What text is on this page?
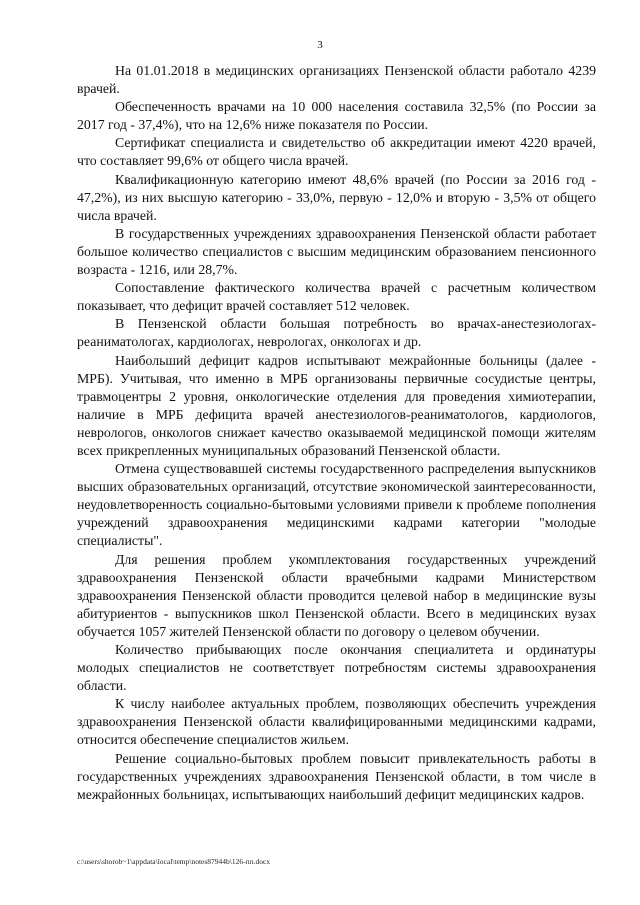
3

На 01.01.2018 в медицинских организациях Пензенской области работало 4239 врачей.

Обеспеченность врачами на 10 000 населения составила 32,5% (по России за 2017 год - 37,4%), что на 12,6% ниже показателя по России.

Сертификат специалиста и свидетельство об аккредитации имеют 4220 врачей, что составляет 99,6% от общего числа врачей.

Квалификационную категорию имеют 48,6% врачей (по России за 2016 год - 47,2%), из них высшую категорию - 33,0%, первую - 12,0% и вторую - 3,5% от общего числа врачей.

В государственных учреждениях здравоохранения Пензенской области работает большое количество специалистов с высшим медицинским образованием пенсионного возраста - 1216, или 28,7%.

Сопоставление фактического количества врачей с расчетным количеством показывает, что дефицит врачей составляет 512 человек.

В Пензенской области большая потребность во врачах-анестезиологах-реаниматологах, кардиологах, неврологах, онкологах и др.

Наибольший дефицит кадров испытывают межрайонные больницы (далее - МРБ). Учитывая, что именно в МРБ организованы первичные сосудистые центры, травмоцентры 2 уровня, онкологические отделения для проведения химиотерапии, наличие в МРБ дефицита врачей анестезиологов-реаниматологов, кардиологов, неврологов, онкологов снижает качество оказываемой медицинской помощи жителям всех прикрепленных муниципальных образований Пензенской области.

Отмена существовавшей системы государственного распределения выпускников высших образовательных организаций, отсутствие экономической заинтересованности, неудовлетворенность социально-бытовыми условиями привели к проблеме пополнения учреждений здравоохранения медицинскими кадрами категории "молодые специалисты".

Для решения проблем укомплектования государственных учреждений здравоохранения Пензенской области врачебными кадрами Министерством здравоохранения Пензенской области проводится целевой набор в медицинские вузы абитуриентов - выпускников школ Пензенской области. Всего в медицинских вузах обучается 1057 жителей Пензенской области по договору о целевом обучении.

Количество прибывающих после окончания специалитета и ординатуры молодых специалистов не соответствует потребностям системы здравоохранения области.

К числу наиболее актуальных проблем, позволяющих обеспечить учреждения здравоохранения Пензенской области квалифицированными медицинскими кадрами, относится обеспечение специалистов жильем.

Решение социально-бытовых проблем повысит привлекательность работы в государственных учреждениях здравоохранения Пензенской области, в том числе в межрайонных больницах, испытывающих наибольший дефицит медицинских кадров.

c:\users\shorob~1\appdata\local\temp\notes87944b\126-пп.docx
